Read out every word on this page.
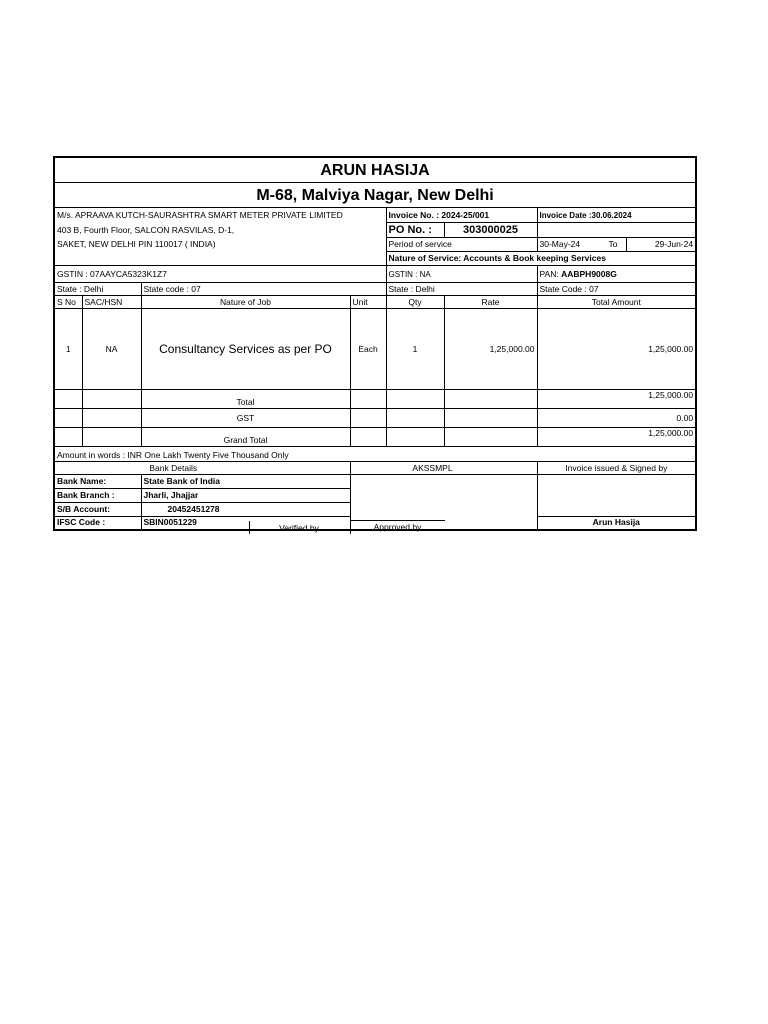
ARUN HASIJA							
M-68, Malviya Nagar, New Delhi							
M/s. APRAAVA KUTCH-SAURASHTRA SMART METER PRIVATE LIMITED				Invoice No. : 2024-25/001		Invoice Date :30.06.2024	
403 B, Fourth Floor, SALCON RASVILAS, D-1,				PO No. :	303000025		
SAKET, NEW DELHI PIN 110017 ( INDIA)				Period of service		30-May-24 To	29-Jun-24
				Nature of Service: Accounts & Book keeping Services			
GSTIN : 07AAYCA5323K1Z7				GSTIN : NA		PAN: AABPH9008G	
State : Delhi		State code : 07		State : Delhi		State Code : 07	
S No	SAC/HSN	Nature of Job	Unit	Qty	Rate	Total Amount	
1	NA	Consultancy Services as per PO	Each	1	1,25,000.00	1,25,000.00	
		Total				1,25,000.00	
		GST				0.00	
		Grand Total				1,25,000.00	
Amount in words : INR One Lakh Twenty Five Thousand Only							
Bank Details			AKSSMPL			Invoice issued & Signed by	
Bank Name:		State Bank of India				

Bank Branch :		Jharli, Jhajjar					
S/B Account:		20452451278					
IFSC Code :		SBIN0051229				Arun Hasija	
Verified by	Approved by
